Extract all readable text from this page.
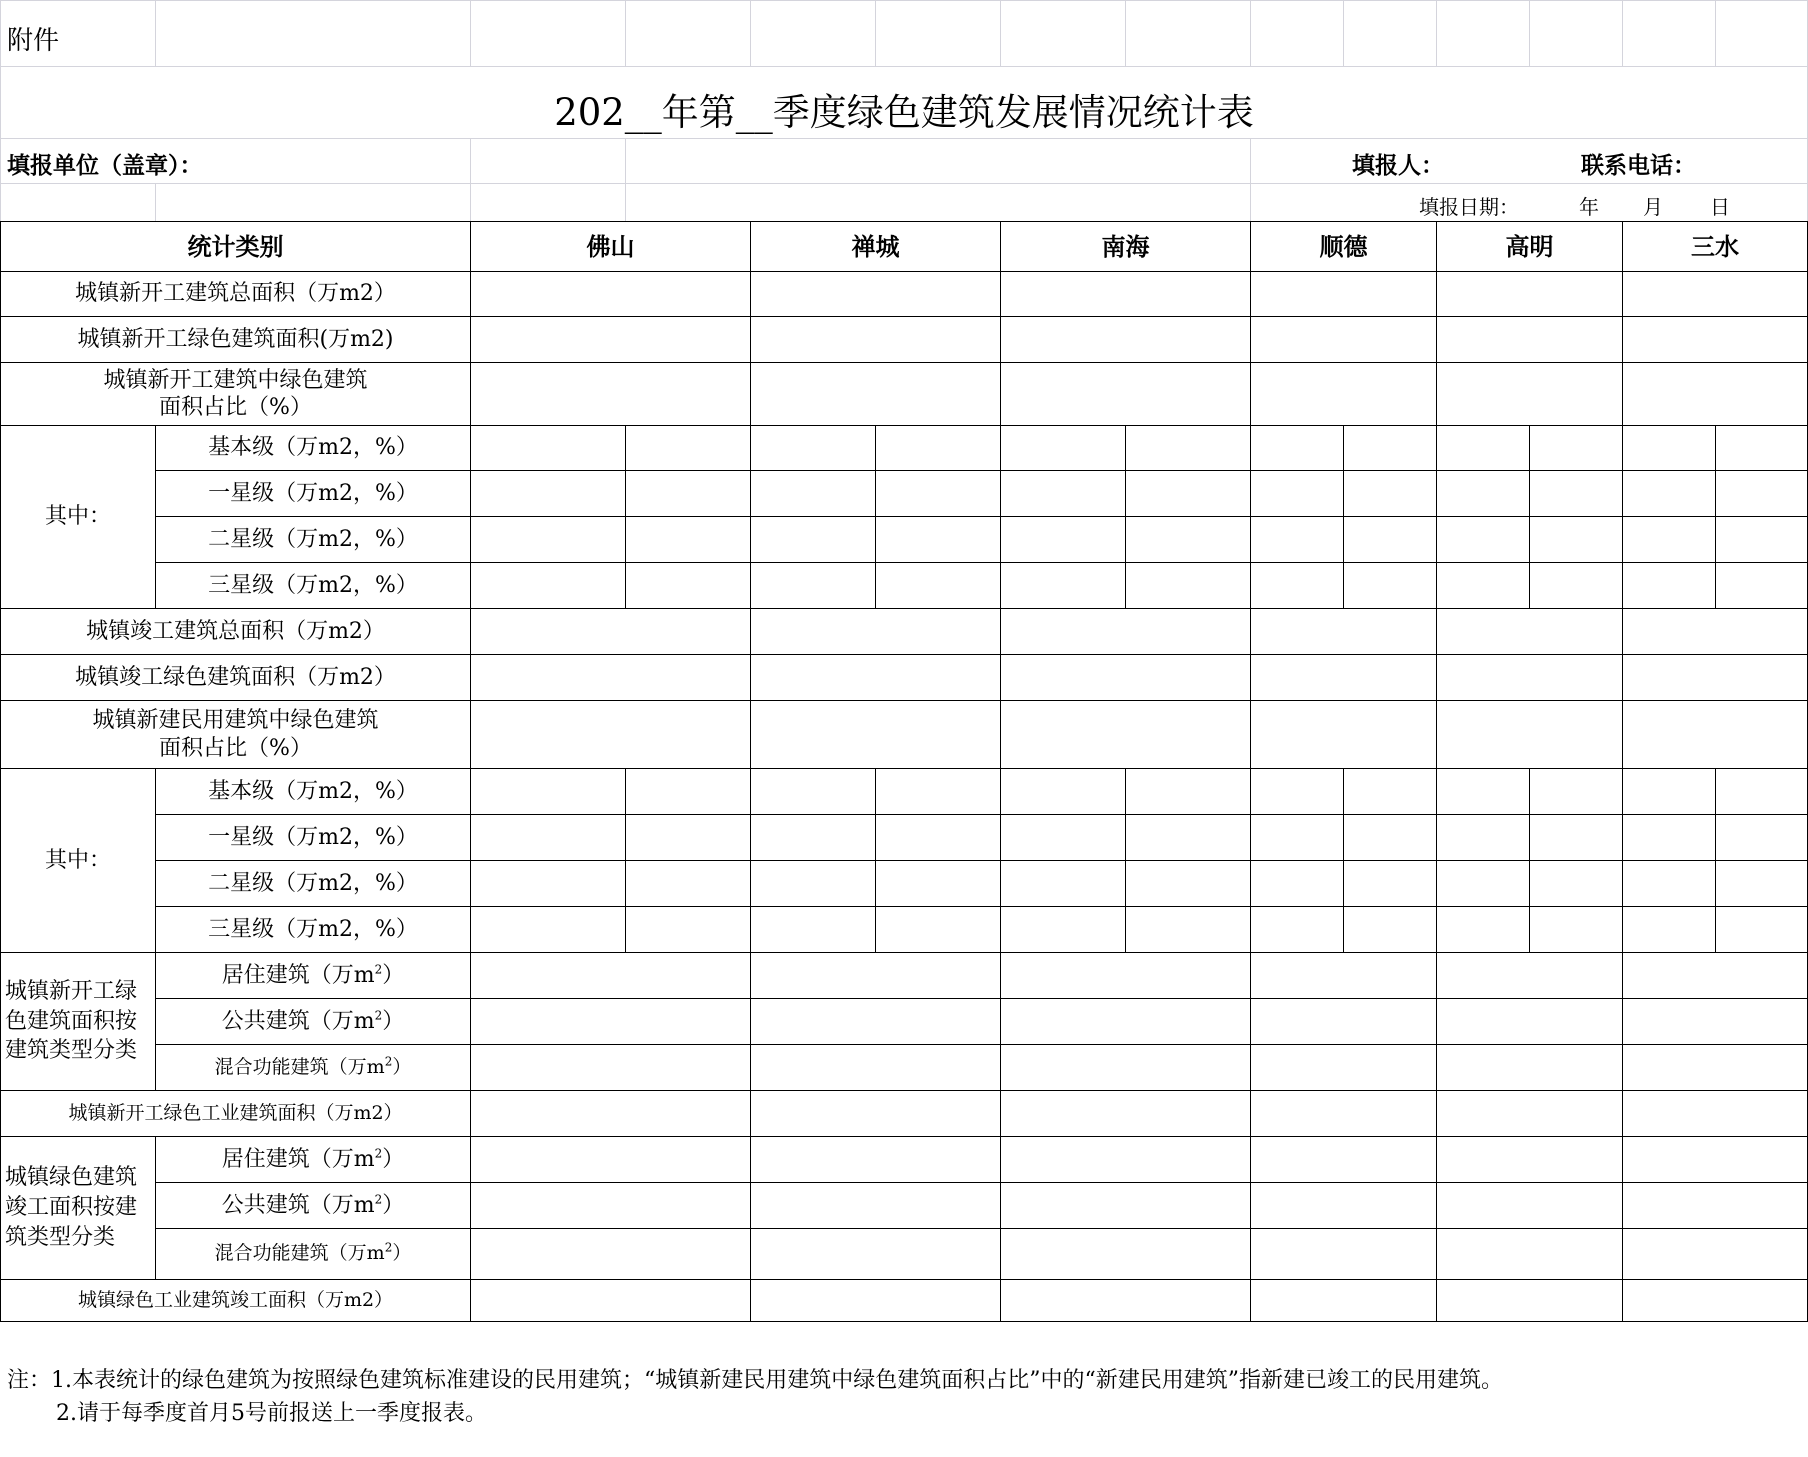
附件
202__年第__季度绿色建筑发展情况统计表
填报单位（盖章）：	填报人：	联系电话：
填报日期：	年 月 日
统计类别		佛山		禅城		南海		顺德		高明		三水	
城镇新开工建筑总面积（万m2）													
城镇新开工绿色建筑面积(万m2)													
城镇新开工建筑中绿色建筑
面积占比（%）													
其中：	基本级（万m2，%）												
	一星级（万m2，%）												
	二星级（万m2，%）												
	三星级（万m2，%）												
城镇竣工建筑总面积（万m2）													
城镇竣工绿色建筑面积（万m2）													
城镇新建民用建筑中绿色建筑
面积占比（%）													
其中：	基本级（万m2，%）												
	一星级（万m2，%）												
	二星级（万m2，%）												
	三星级（万m2，%）												
城镇新开工绿色建筑面积按建筑类型分类	居住建筑（万$m^2$）												
	公共建筑（万$m^2$）												
	混合功能建筑（万$m^2$）												
城镇新开工绿色工业建筑面积（万m2）													
城镇绿色建筑竣工面积按建筑类型分类	居住建筑（万$m^2$）												
	公共建筑（万$m^2$）												
	混合功能建筑（万$m^2$）												
城镇绿色工业建筑竣工面积（万m2）													
注：1.本表统计的绿色建筑为按照绿色建筑标准建设的民用建筑；“城镇新建民用建筑中绿色建筑面积占比”中的“新建民用建筑”指新建已竣工的民用建筑。
2.请于每季度首月5号前报送上一季度报表。
